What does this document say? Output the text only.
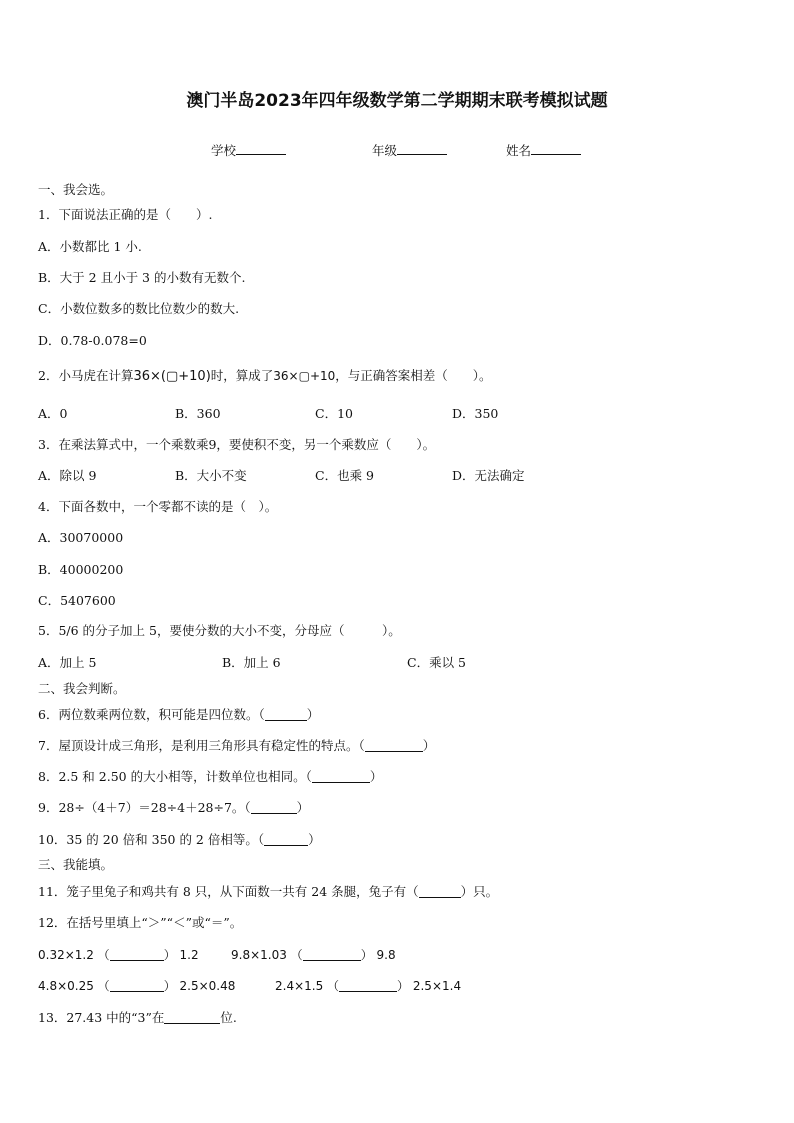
澳门半岛2023年四年级数学第二学期期末联考模拟试题
学校	年级	姓名
一、我会选。
1．下面说法正确的是（　　）.
A．小数都比 1 小.
B．大于 2 且小于 3 的小数有无数个.
C．小数位数多的数比位数少的数大.
D．0.78-0.078=0
2．小马虎在计算36×(▢+10)时，算成了36×▢+10，与正确答案相差（　　）。
A．0	B．360	C．10	D．350
3．在乘法算式中，一个乘数乘9，要使积不变，另一个乘数应（　　）。
A．除以 9	B．大小不变	C．也乘 9	D．无法确定
4．下面各数中，一个零都不读的是（　）。
A．30070000
B．40000200
C．5407600
5．5/6 的分子加上 5，要使分数的大小不变，分母应（　　　）。
A．加上 5	B．加上 6	C．乘以 5
二、我会判断。
6．两位数乘两位数，积可能是四位数。（	）
7．屋顶设计成三角形，是利用三角形具有稳定性的特点。（	）
8．2.5 和 2.50 的大小相等，计数单位也相同。（	）
9．28÷（4＋7）＝28÷4＋28÷7。（	）
10．35 的 20 倍和 350 的 2 倍相等。（	）
三、我能填。
11．笼子里兔子和鸡共有 8 只，从下面数一共有 24 条腿，兔子有（	）只。
12．在括号里填上“＞”“＜”或“＝”。
0.32×1.2 （	） 1.2	9.8×1.03 （	） 9.8
4.8×0.25 （	） 2.5×0.48	2.4×1.5 （	） 2.5×1.4
13．27.43 中的“3”在	位.
